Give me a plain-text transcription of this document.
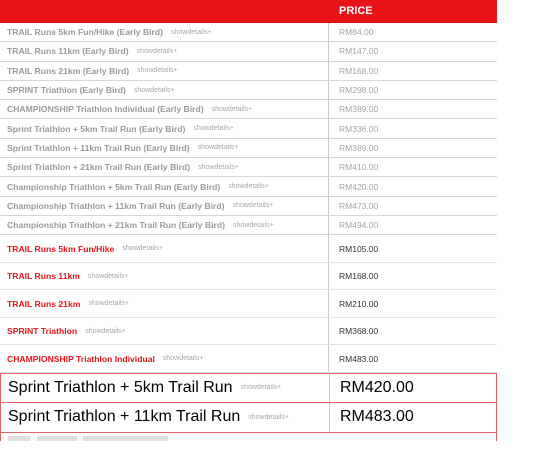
PRICE
TRAIL Runs 5km Fun/Hike (Early Bird) showdetails+	RM84.00
TRAIL Runs 11km (Early Bird) showdetails+	RM147.00
TRAIL Runs 21km (Early Bird) showdetails+	RM168.00
SPRINT Triathlon (Early Bird) showdetails+	RM298.00
CHAMPIONSHIP Triathlon Individual (Early Bird) showdetails+	RM389.00
Sprint Triathlon + 5km Trail Run (Early Bird) showdetails+	RM336.00
Sprint Triathlon + 11km Trail Run (Early Bird) showdetails+	RM389.00
Sprint Triathlon + 21km Trail Run (Early Bird) showdetails+	RM410.00
Championship Triathlon + 5km Trail Run (Early Bird) showdetails+	RM420.00
Championship Triathlon + 11km Trail Run (Early Bird) showdetails+	RM473.00
Championship Triathlon + 21km Trail Run (Early Bird) showdetails+	RM494.00
TRAIL Runs 5km Fun/Hike showdetails+	RM105.00
TRAIL Runs 11km showdetails+	RM168.00
TRAIL Runs 21km showdetails+	RM210.00
SPRINT Triathlon showdetails+	RM368.00
CHAMPIONSHIP Triathlon Individual showdetails+	RM483.00
Sprint Triathlon + 5km Trail Run showdetails+	RM420.00
Sprint Triathlon + 11km Trail Run showdetails+	RM483.00
